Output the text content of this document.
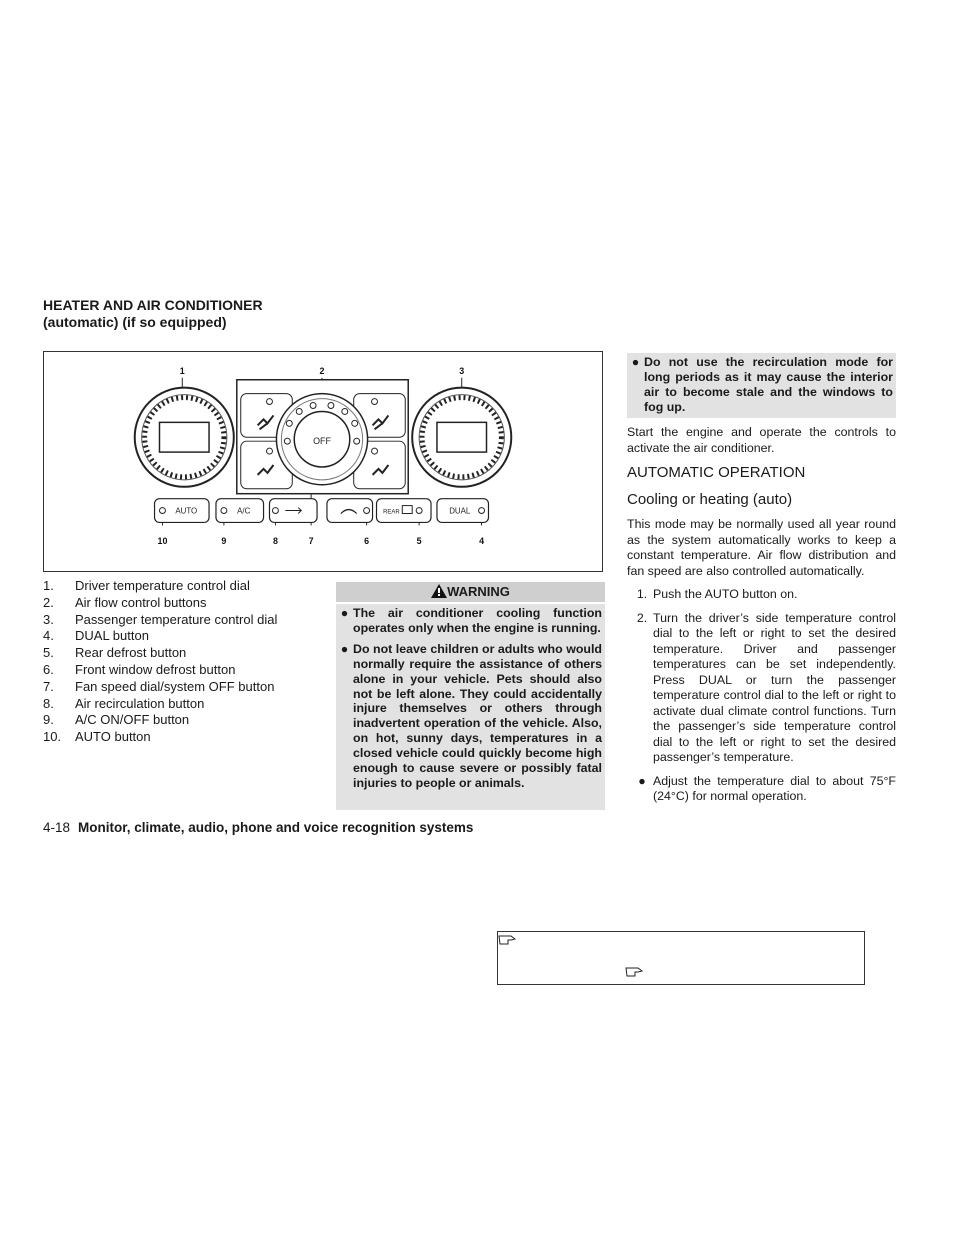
HEATER AND AIR CONDITIONER
(automatic) (if so equipped)
OFF
AUTO	A/C	REAR	DUAL
1	2	3
10	9	8	7	6	5	4
1.	Driver temperature control dial
2.	Air flow control buttons
3.	Passenger temperature control dial
4.	DUAL button
5.	Rear defrost button
6.	Front window defrost button
7.	Fan speed dial/system OFF button
8.	Air recirculation button
9.	A/C ON/OFF button
10.	AUTO button
WARNING
● The air conditioner cooling function operates only when the engine is running.
● Do not leave children or adults who would normally require the assistance of others alone in your vehicle. Pets should also not be left alone. They could accidentally injure themselves or others through inadvertent operation of the vehicle. Also, on hot, sunny days, temperatures in a closed vehicle could quickly become high enough to cause severe or possibly fatal injuries to people or animals.
● Do not use the recirculation mode for long periods as it may cause the interior air to become stale and the windows to fog up.
Start the engine and operate the controls to activate the air conditioner.
AUTOMATIC OPERATION
Cooling or heating (auto)
This mode may be normally used all year round as the system automatically works to keep a constant temperature. Air flow distribution and fan speed are also controlled automatically.
1. Push the AUTO button on.
2. Turn the driver’s side temperature control dial to the left or right to set the desired temperature. Driver and passenger temperatures can be set independently. Press DUAL or turn the passenger temperature control dial to the left or right to activate dual climate control functions. Turn the passenger’s side temperature control dial to the left or right to set the desired passenger’s temperature.
● Adjust the temperature dial to about 75°F (24°C) for normal operation.
4-18 Monitor, climate, audio, phone and voice recognition systems
